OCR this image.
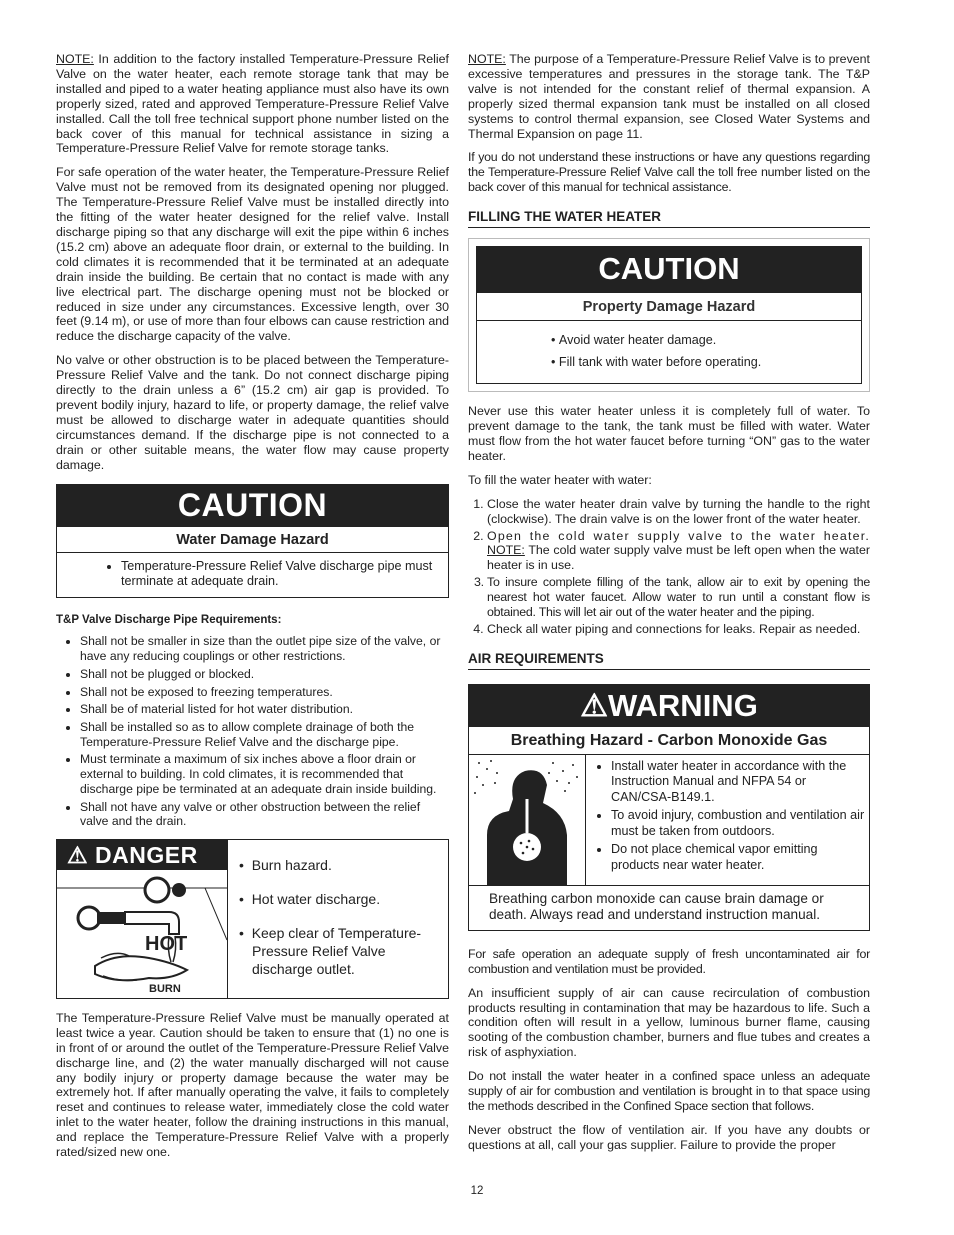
NOTE: In addition to the factory installed Temperature-Pressure Relief Valve on the water heater, each remote storage tank that may be installed and piped to a water heating appliance must also have its own properly sized, rated and approved Temperature-Pressure Relief Valve installed. Call the toll free technical support phone number listed on the back cover of this manual for technical assistance in sizing a Temperature-Pressure Relief Valve for remote storage tanks.

For safe operation of the water heater, the Temperature-Pressure Relief Valve must not be removed from its designated opening nor plugged. The Temperature-Pressure Relief Valve must be installed directly into the fitting of the water heater designed for the relief valve. Install discharge piping so that any discharge will exit the pipe within 6 inches (15.2 cm) above an adequate floor drain, or external to the building. In cold climates it is recommended that it be terminated at an adequate drain inside the building. Be certain that no contact is made with any live electrical part. The discharge opening must not be blocked or reduced in size under any circumstances. Excessive length, over 30 feet (9.14 m), or use of more than four elbows can cause restriction and reduce the discharge capacity of the valve.

No valve or other obstruction is to be placed between the Temperature-Pressure Relief Valve and the tank. Do not connect discharge piping directly to the drain unless a 6” (15.2 cm) air gap is provided. To prevent bodily injury, hazard to life, or property damage, the relief valve must be allowed to discharge water in adequate quantities should circumstances demand. If the discharge pipe is not connected to a drain or other suitable means, the water flow may cause property damage.

CAUTION
Water Damage Hazard
• Temperature-Pressure Relief Valve discharge pipe must terminate at adequate drain.
T&P Valve Discharge Pipe Requirements:
• Shall not be smaller in size than the outlet pipe size of the valve, or have any reducing couplings or other restrictions.
• Shall not be plugged or blocked.
• Shall not be exposed to freezing temperatures.
• Shall be of material listed for hot water distribution.
• Shall be installed so as to allow complete drainage of both the Temperature-Pressure Relief Valve and the discharge pipe.
• Must terminate a maximum of six inches above a floor drain or external to building. In cold climates, it is recommended that discharge pipe be terminated at an adequate drain inside building.
• Shall not have any valve or other obstruction between the relief valve and the drain.
⚠ DANGER
HOT
BURN
•  Burn hazard.
•  Hot water discharge.
•  Keep clear of Temperature-Pressure Relief Valve discharge outlet.

The Temperature-Pressure Relief Valve must be manually operated at least twice a year. Caution should be taken to ensure that (1) no one is in front of or around the outlet of the Temperature-Pressure Relief Valve discharge line, and (2) the water manually discharged will not cause any bodily injury or property damage because the water may be extremely hot. If after manually operating the valve, it fails to completely reset and continues to release water, immediately close the cold water inlet to the water heater, follow the draining instructions in this manual, and replace the Temperature-Pressure Relief Valve with a properly rated/sized new one.

NOTE: The purpose of a Temperature-Pressure Relief Valve is to prevent excessive temperatures and pressures in the storage tank. The T&P valve is not intended for the constant relief of thermal expansion. A properly sized thermal expansion tank must be installed on all closed systems to control thermal expansion, see Closed Water Systems and Thermal Expansion on page 11.

If you do not understand these instructions or have any questions regarding the Temperature-Pressure Relief Valve call the toll free number listed on the back cover of this manual for technical assistance.

FILLING THE WATER HEATER
CAUTION
Property Damage Hazard
• Avoid water heater damage.
• Fill tank with water before operating.

Never use this water heater unless it is completely full of water. To prevent damage to the tank, the tank must be filled with water. Water must flow from the hot water faucet before turning “ON” gas to the water heater.

To fill the water heater with water:

1. Close the water heater drain valve by turning the handle to the right (clockwise). The drain valve is on the lower front of the water heater.
2. Open the cold water supply valve to the water heater. NOTE: The cold water supply valve must be left open when the water heater is in use.
3. To insure complete filling of the tank, allow air to exit by opening the nearest hot water faucet. Allow water to run until a constant flow is obtained. This will let air out of the water heater and the piping.
4. Check all water piping and connections for leaks. Repair as needed.
AIR REQUIREMENTS
⚠WARNING
Breathing Hazard - Carbon Monoxide Gas
• Install water heater in accordance with the Instruction Manual and NFPA 54 or CAN/CSA-B149.1.
• To avoid injury, combustion and ventilation air must be taken from outdoors.
• Do not place chemical vapor emitting products near water heater.
Breathing carbon monoxide can cause brain damage or death. Always read and understand instruction manual.

For safe operation an adequate supply of fresh uncontaminated air for combustion and ventilation must be provided.

An insufficient supply of air can cause recirculation of combustion products resulting in contamination that may be hazardous to life. Such a condition often will result in a yellow, luminous burner flame, causing sooting of the combustion chamber, burners and flue tubes and creates a risk of asphyxiation.

Do not install the water heater in a confined space unless an adequate supply of air for combustion and ventilation is brought in to that space using the methods described in the Confined Space section that follows.

Never obstruct the flow of ventilation air. If you have any doubts or questions at all, call your gas supplier. Failure to provide the proper

12
